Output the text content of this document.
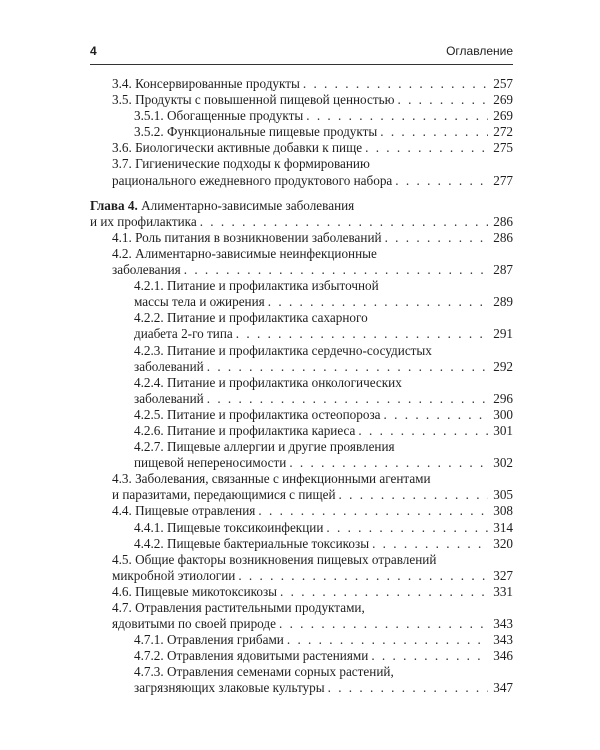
4	Оглавление
3.4. Консервированные продукты . . .	257
3.5. Продукты с повышенной пищевой ценностью . . .	269
3.5.1. Обогащенные продукты . . .	269
3.5.2. Функциональные пищевые продукты . . .	272
3.6. Биологически активные добавки к пище . . .	275
3.7. Гигиенические подходы к формированию
рационального ежедневного продуктового набора . . .	277
Глава 4. Алиментарно-зависимые заболевания
и их профилактика . . .	286
4.1. Роль питания в возникновении заболеваний . . .	286
4.2. Алиментарно-зависимые неинфекционные
заболевания . . .	287
4.2.1. Питание и профилактика избыточной
массы тела и ожирения . . .	289
4.2.2. Питание и профилактика сахарного
диабета 2-го типа . . .	291
4.2.3. Питание и профилактика сердечно-сосудистых
заболеваний . . .	292
4.2.4. Питание и профилактика онкологических
заболеваний . . .	296
4.2.5. Питание и профилактика остеопороза . . .	300
4.2.6. Питание и профилактика кариеса . . .	301
4.2.7. Пищевые аллергии и другие проявления
пищевой непереносимости . . .	302
4.3. Заболевания, связанные с инфекционными агентами
и паразитами, передающимися с пищей . . .	305
4.4. Пищевые отравления . . .	308
4.4.1. Пищевые токсикоинфекции . . .	314
4.4.2. Пищевые бактериальные токсикозы . . .	320
4.5. Общие факторы возникновения пищевых отравлений
микробной этиологии . . .	327
4.6. Пищевые микотоксикозы . . .	331
4.7. Отравления растительными продуктами,
ядовитыми по своей природе . . .	343
4.7.1. Отравления грибами . . .	343
4.7.2. Отравления ядовитыми растениями . . .	346
4.7.3. Отравления семенами сорных растений,
загрязняющих злаковые культуры . . .	347
